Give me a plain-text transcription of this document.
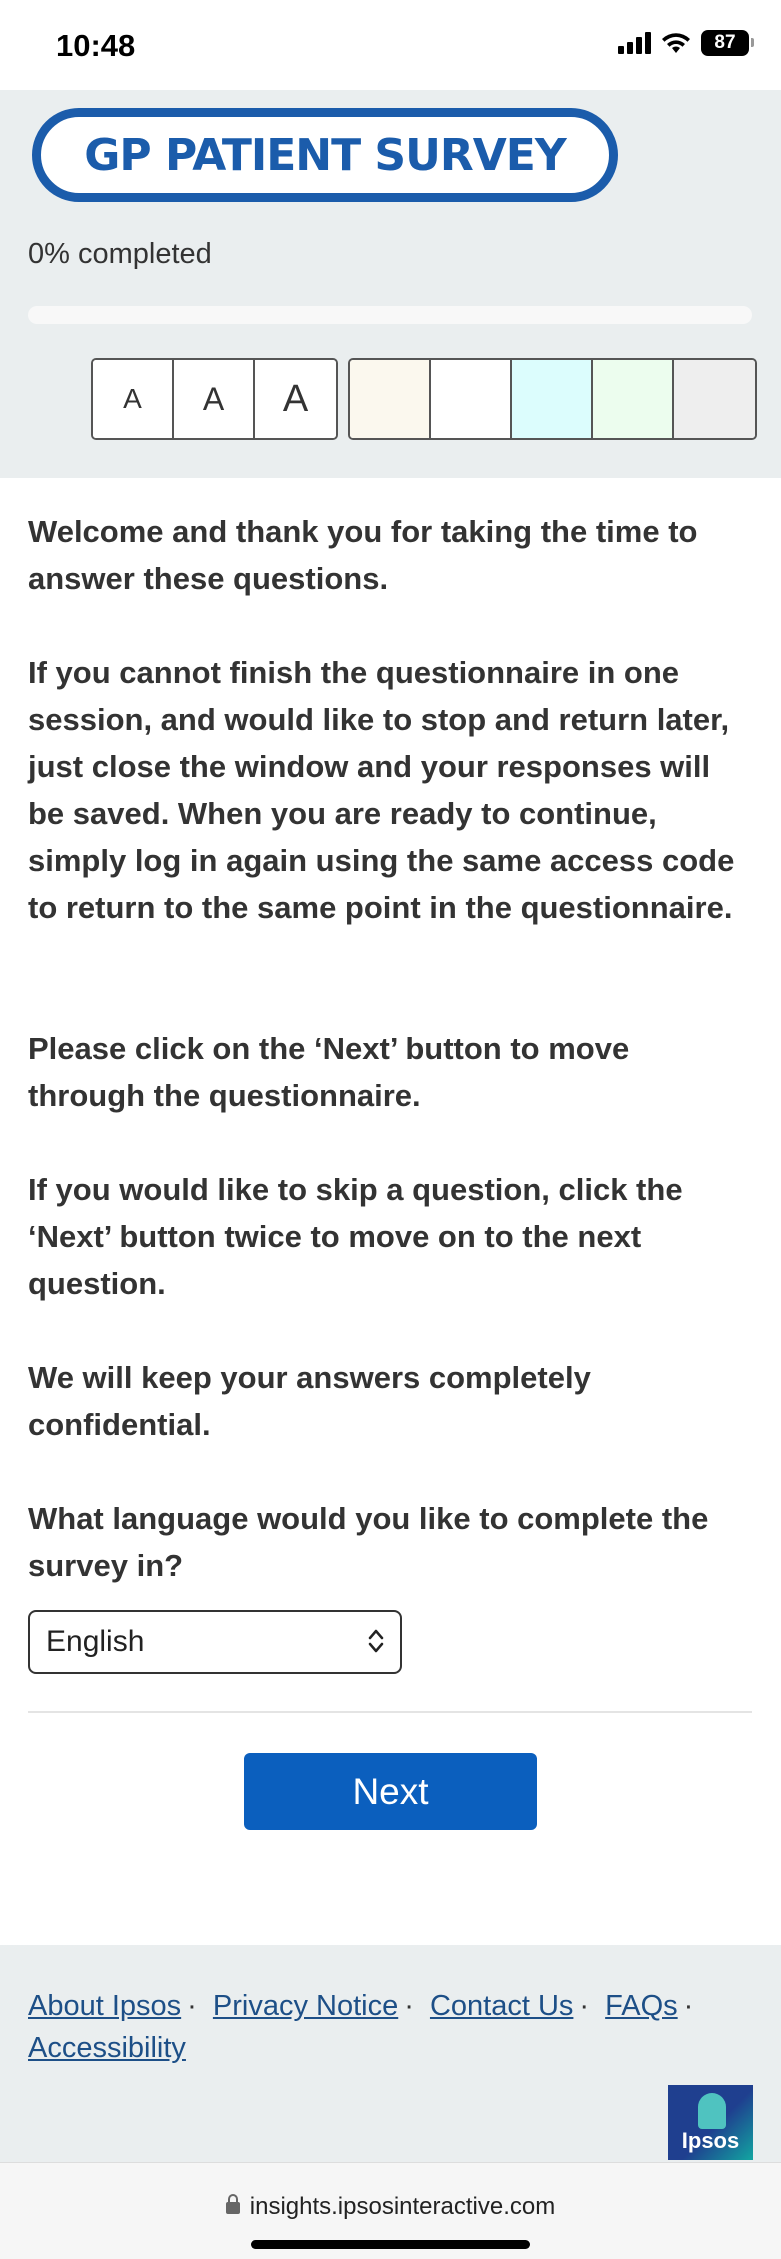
10:48	87
GP PATIENT SURVEY
0% completed
A	A	A

Welcome and thank you for taking the time to answer these questions.

If you cannot finish the questionnaire in one session, and would like to stop and return later, just close the window and your responses will be saved. When you are ready to continue, simply log in again using the same access code to return to the same point in the questionnaire.

Please click on the ‘Next’ button to move through the questionnaire.

If you would like to skip a question, click the ‘Next’ button twice to move on to the next question.

We will keep your answers completely confidential.

What language would you like to complete the survey in?

English
Next
About Ipsos · Privacy Notice · Contact Us · FAQs ·
Accessibility
Ipsos
insights.ipsosinteractive.com
